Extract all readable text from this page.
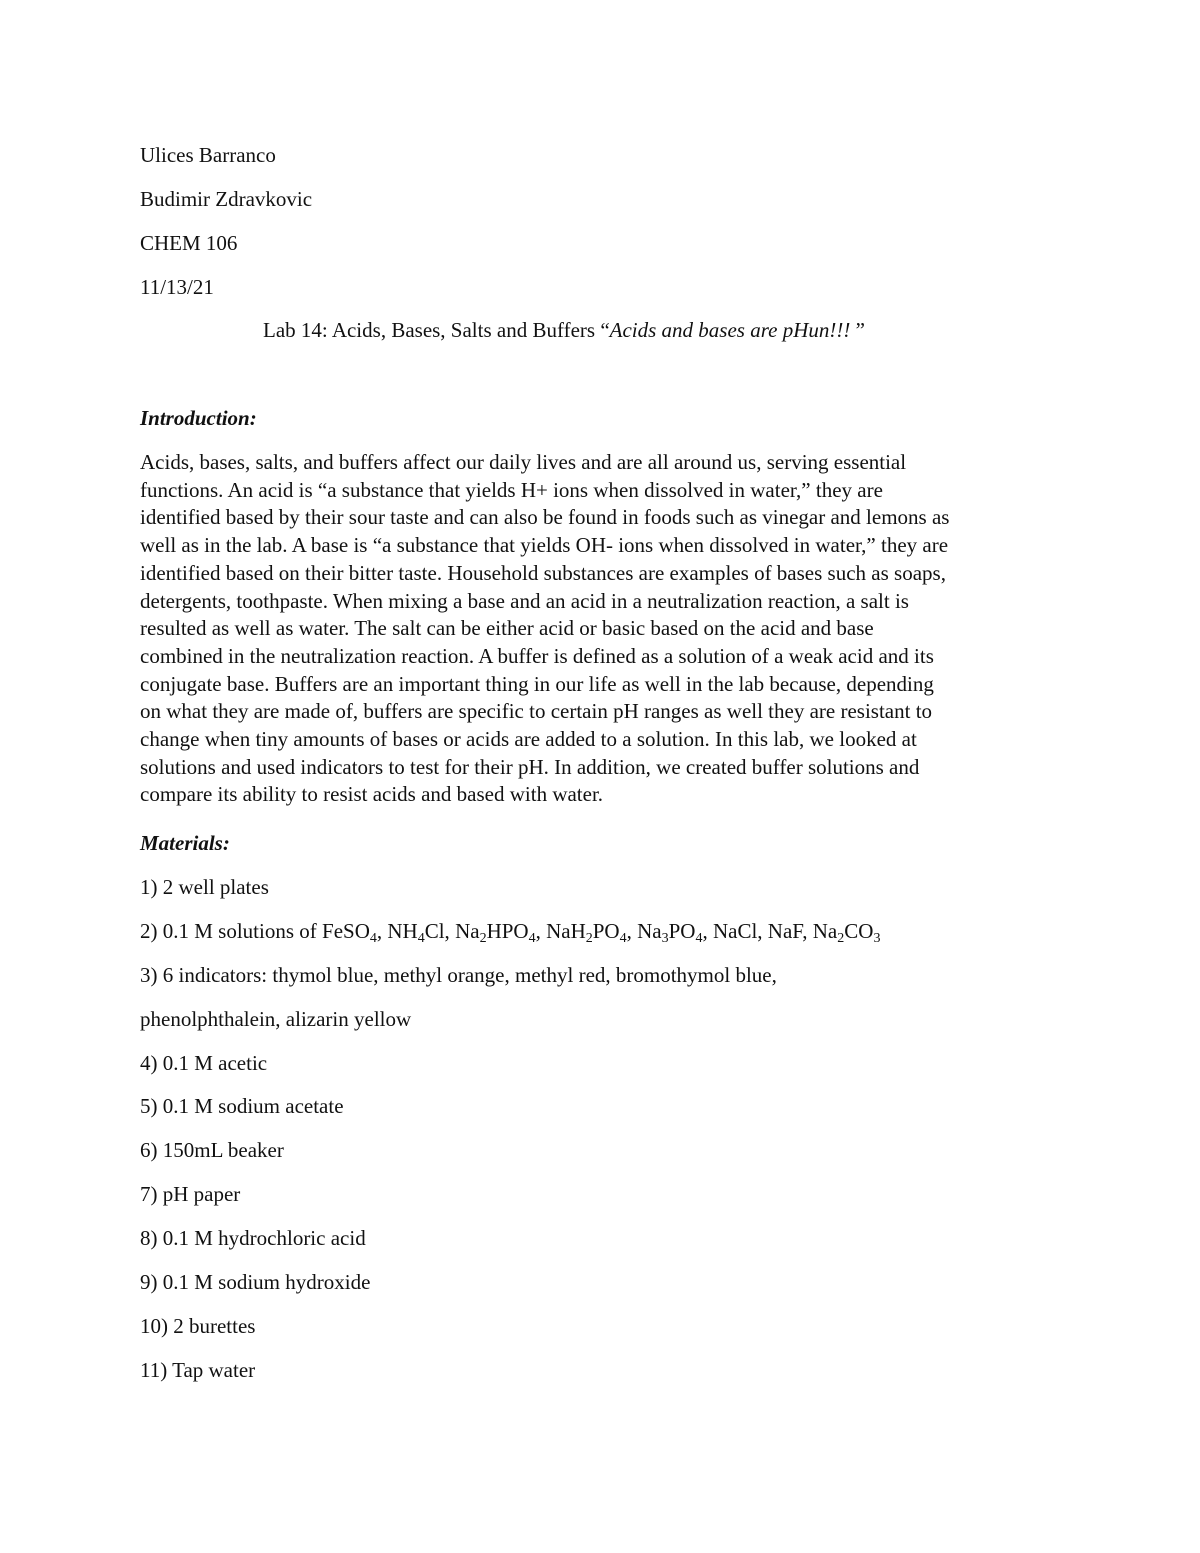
Ulices Barranco
Budimir Zdravkovic
CHEM 106
11/13/21
Lab 14: Acids, Bases, Salts and Buffers “Acids and bases are pHun!!! ”
Introduction:
Acids, bases, salts, and buffers affect our daily lives and are all around us, serving essential
functions. An acid is “a substance that yields H+ ions when dissolved in water,” they are
identified based by their sour taste and can also be found in foods such as vinegar and lemons as
well as in the lab. A base is “a substance that yields OH- ions when dissolved in water,” they are
identified based on their bitter taste. Household substances are examples of bases such as soaps,
detergents, toothpaste. When mixing a base and an acid in a neutralization reaction, a salt is
resulted as well as water. The salt can be either acid or basic based on the acid and base
combined in the neutralization reaction. A buffer is defined as a solution of a weak acid and its
conjugate base. Buffers are an important thing in our life as well in the lab because, depending
on what they are made of, buffers are specific to certain pH ranges as well they are resistant to
change when tiny amounts of bases or acids are added to a solution. In this lab, we looked at
solutions and used indicators to test for their pH. In addition, we created buffer solutions and
compare its ability to resist acids and based with water.
Materials:
1) 2 well plates
2) 0.1 M solutions of FeSO$_4$, $NH_4Cl$, $Na_2HPO_4$, $NaH_2PO_4$, $Na_3PO_4$, NaCl, NaF, $Na_2CO_3$
3) 6 indicators: thymol blue, methyl orange, methyl red, bromothymol blue,
phenolphthalein, alizarin yellow
4) 0.1 M acetic
5) 0.1 M sodium acetate
6) 150mL beaker
7) pH paper
8) 0.1 M hydrochloric acid
9) 0.1 M sodium hydroxide
10) 2 burettes
11) Tap water
